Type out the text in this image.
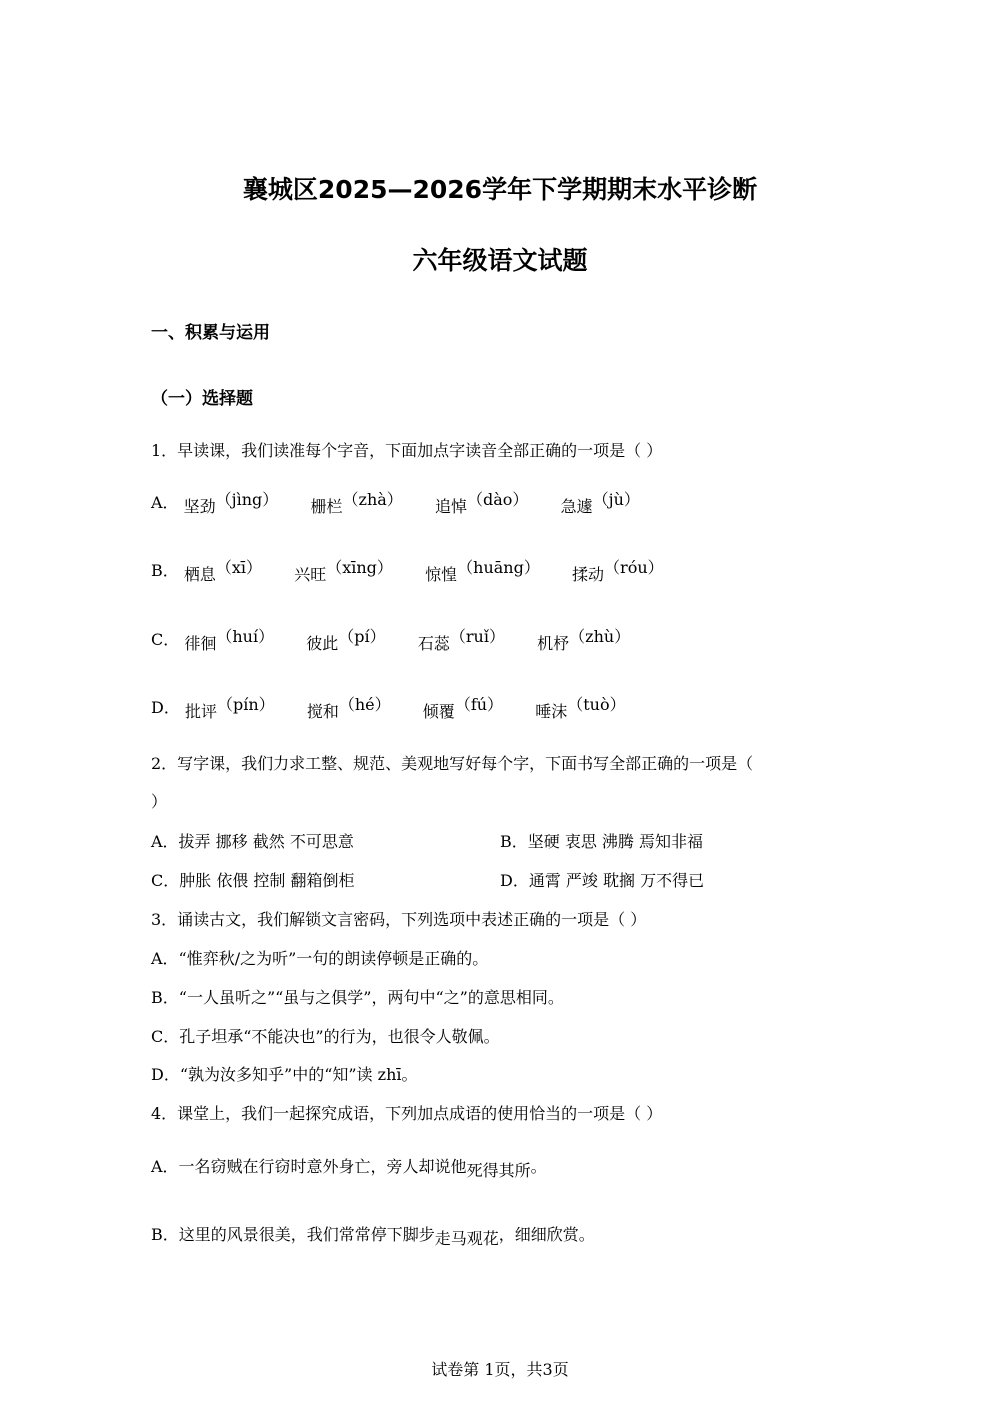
襄城区2025—2026学年下学期期末水平诊断
六年级语文试题
一、积累与运用
（一）选择题
1．早读课，我们读准每个字音，下面加点字读音全部正确的一项是（ ）
A． 坚劲（jìng） 栅栏（zhà） 追悼（dào） 急遽（jù）
B． 栖息（xī） 兴旺（xīng） 惊惶（huāng） 揉动（róu）
C． 徘徊（huí） 彼此（pí） 石蕊（ruǐ） 机杼（zhù）
D． 批评（pín） 搅和（hé） 倾覆（fú） 唾沫（tuò）
2．写字课，我们力求工整、规范、美观地写好每个字，下面书写全部正确的一项是（
）
A．拔弄 挪移 截然 不可思意	B．坚硬 衷思 沸腾 焉知非福
C．肿胀 依偎 控制 翻箱倒柜	D．通霄 严竣 耽搁 万不得已
3．诵读古文，我们解锁文言密码，下列选项中表述正确的一项是（ ）
A．“惟弈秋/之为听”一句的朗读停顿是正确的。
B．“一人虽听之”“虽与之俱学”，两句中“之”的意思相同。
C．孔子坦承“不能决也”的行为，也很令人敬佩。
D．“孰为汝多知乎”中的“知”读 zhī。
4．课堂上，我们一起探究成语，下列加点成语的使用恰当的一项是（ ）
A．一名窃贼在行窃时意外身亡，旁人却说他死得其所。
B．这里的风景很美，我们常常停下脚步走马观花，细细欣赏。
试卷第 1页，共3页
